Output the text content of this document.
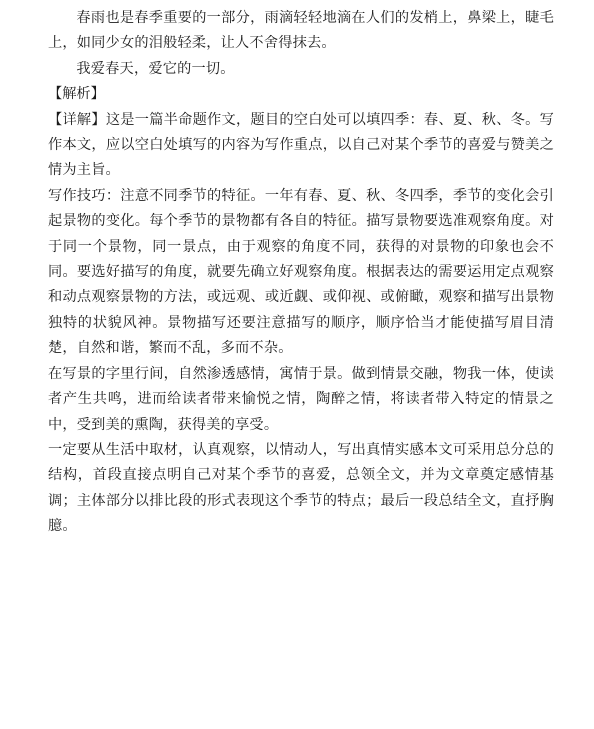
春雨也是春季重要的一部分，雨滴轻轻地滴在人们的发梢上，鼻梁上，睫毛上，如同少女的泪般轻柔，让人不舍得抹去。

我爱春天，爱它的一切。

【解析】

【详解】这是一篇半命题作文，题目的空白处可以填四季：春、夏、秋、冬。写作本文，应以空白处填写的内容为写作重点，以自己对某个季节的喜爱与赞美之情为主旨。

写作技巧：注意不同季节的特征。一年有春、夏、秋、冬四季，季节的变化会引起景物的变化。每个季节的景物都有各自的特征。描写景物要选准观察角度。对于同一个景物，同一景点，由于观察的角度不同，获得的对景物的印象也会不同。要选好描写的角度，就要先确立好观察角度。根据表达的需要运用定点观察和动点观察景物的方法，或远观、或近觑、或仰视、或俯瞰，观察和描写出景物独特的状貌风神。景物描写还要注意描写的顺序，顺序恰当才能使描写眉目清楚，自然和谐，繁而不乱，多而不杂。

在写景的字里行间，自然渗透感情，寓情于景。做到情景交融，物我一体，使读者产生共鸣，进而给读者带来愉悦之情，陶醉之情，将读者带入特定的情景之中，受到美的熏陶，获得美的享受。

一定要从生活中取材，认真观察，以情动人，写出真情实感本文可采用总分总的结构，首段直接点明自己对某个季节的喜爱，总领全文，并为文章奠定感情基调；主体部分以排比段的形式表现这个季节的特点；最后一段总结全文，直抒胸臆。
